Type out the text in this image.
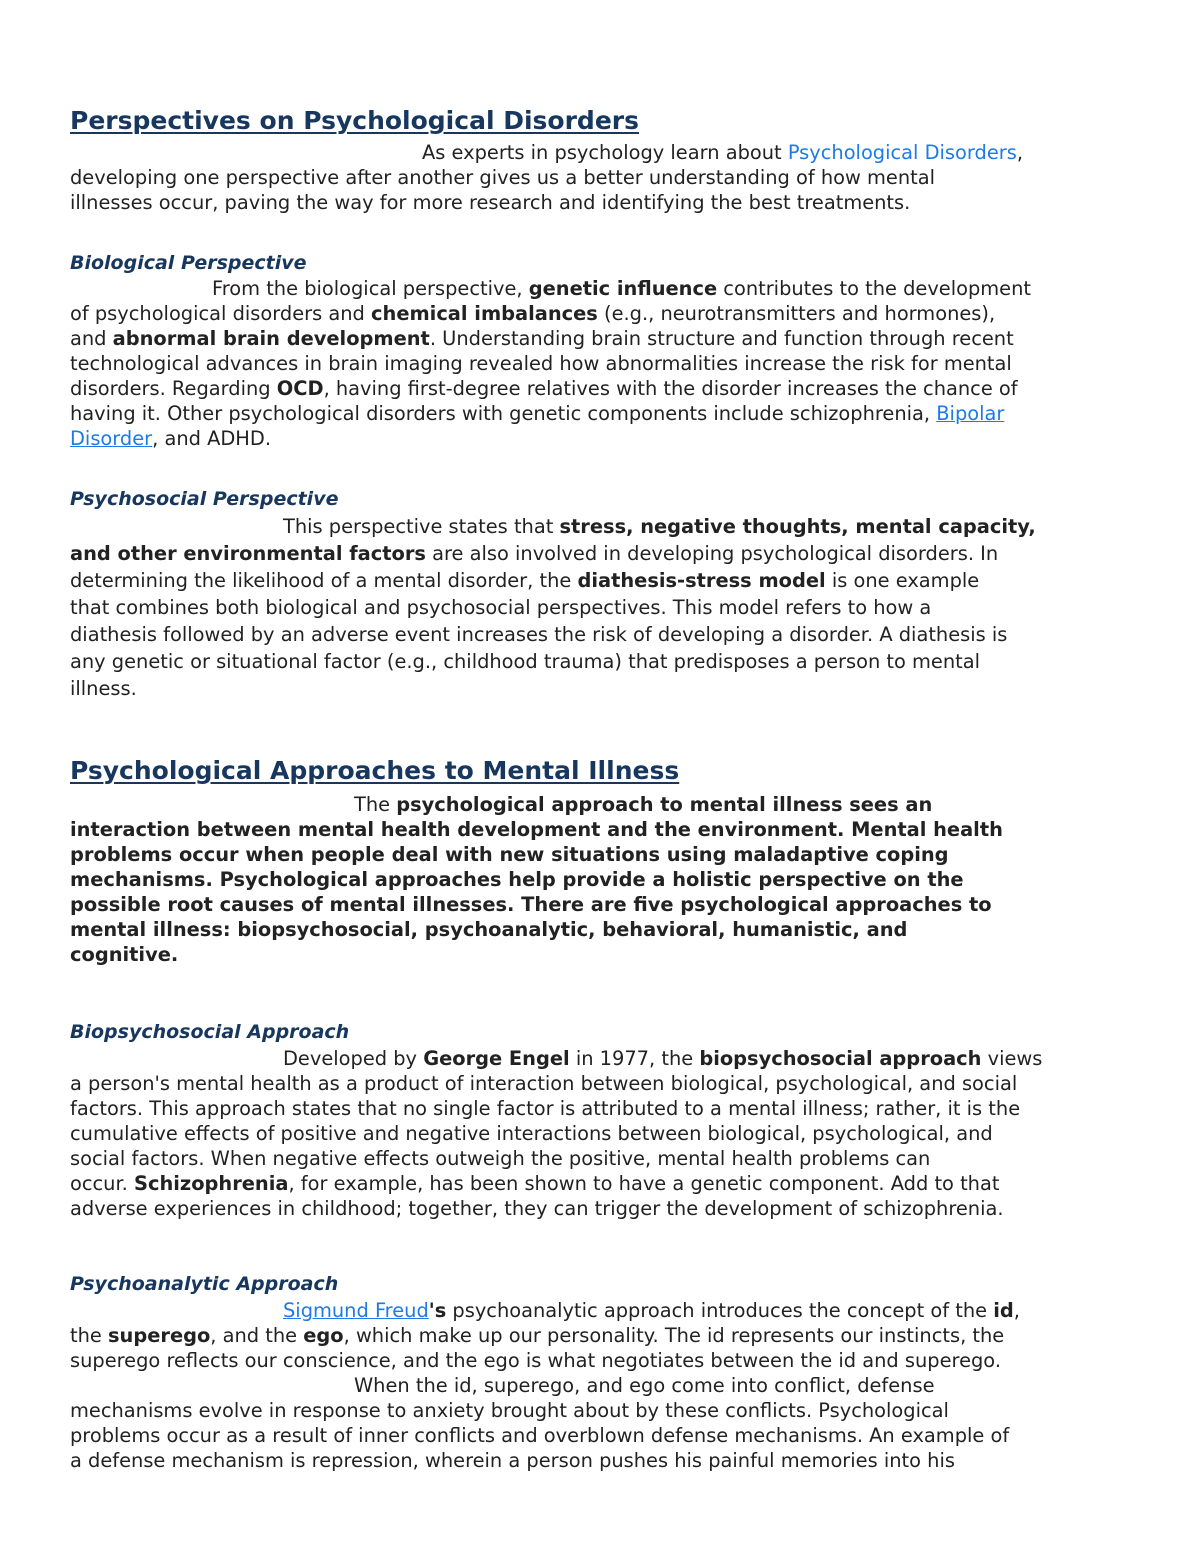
Perspectives on Psychological Disorders
As experts in psychology learn about Psychological Disorders,
developing one perspective after another gives us a better understanding of how mental
illnesses occur, paving the way for more research and identifying the best treatments.
Biological Perspective
From the biological perspective, genetic influence contributes to the development
of psychological disorders and chemical imbalances (e.g., neurotransmitters and hormones),
and abnormal brain development. Understanding brain structure and function through recent
technological advances in brain imaging revealed how abnormalities increase the risk for mental
disorders. Regarding OCD, having first-degree relatives with the disorder increases the chance of
having it. Other psychological disorders with genetic components include schizophrenia, Bipolar
Disorder, and ADHD.
Psychosocial Perspective
This perspective states that stress, negative thoughts, mental capacity,
and other environmental factors are also involved in developing psychological disorders. In
determining the likelihood of a mental disorder, the diathesis-stress model is one example
that combines both biological and psychosocial perspectives. This model refers to how a
diathesis followed by an adverse event increases the risk of developing a disorder. A diathesis is
any genetic or situational factor (e.g., childhood trauma) that predisposes a person to mental
illness.
Psychological Approaches to Mental Illness
The psychological approach to mental illness sees an
interaction between mental health development and the environment. Mental health
problems occur when people deal with new situations using maladaptive coping
mechanisms. Psychological approaches help provide a holistic perspective on the
possible root causes of mental illnesses. There are five psychological approaches to
mental illness: biopsychosocial, psychoanalytic, behavioral, humanistic, and
cognitive.
Biopsychosocial Approach
Developed by George Engel in 1977, the biopsychosocial approach views
a person's mental health as a product of interaction between biological, psychological, and social
factors. This approach states that no single factor is attributed to a mental illness; rather, it is the
cumulative effects of positive and negative interactions between biological, psychological, and
social factors. When negative effects outweigh the positive, mental health problems can
occur. Schizophrenia, for example, has been shown to have a genetic component. Add to that
adverse experiences in childhood; together, they can trigger the development of schizophrenia.
Psychoanalytic Approach
Sigmund Freud's psychoanalytic approach introduces the concept of the id,
the superego, and the ego, which make up our personality. The id represents our instincts, the
superego reflects our conscience, and the ego is what negotiates between the id and superego.
When the id, superego, and ego come into conflict, defense
mechanisms evolve in response to anxiety brought about by these conflicts. Psychological
problems occur as a result of inner conflicts and overblown defense mechanisms. An example of
a defense mechanism is repression, wherein a person pushes his painful memories into his
